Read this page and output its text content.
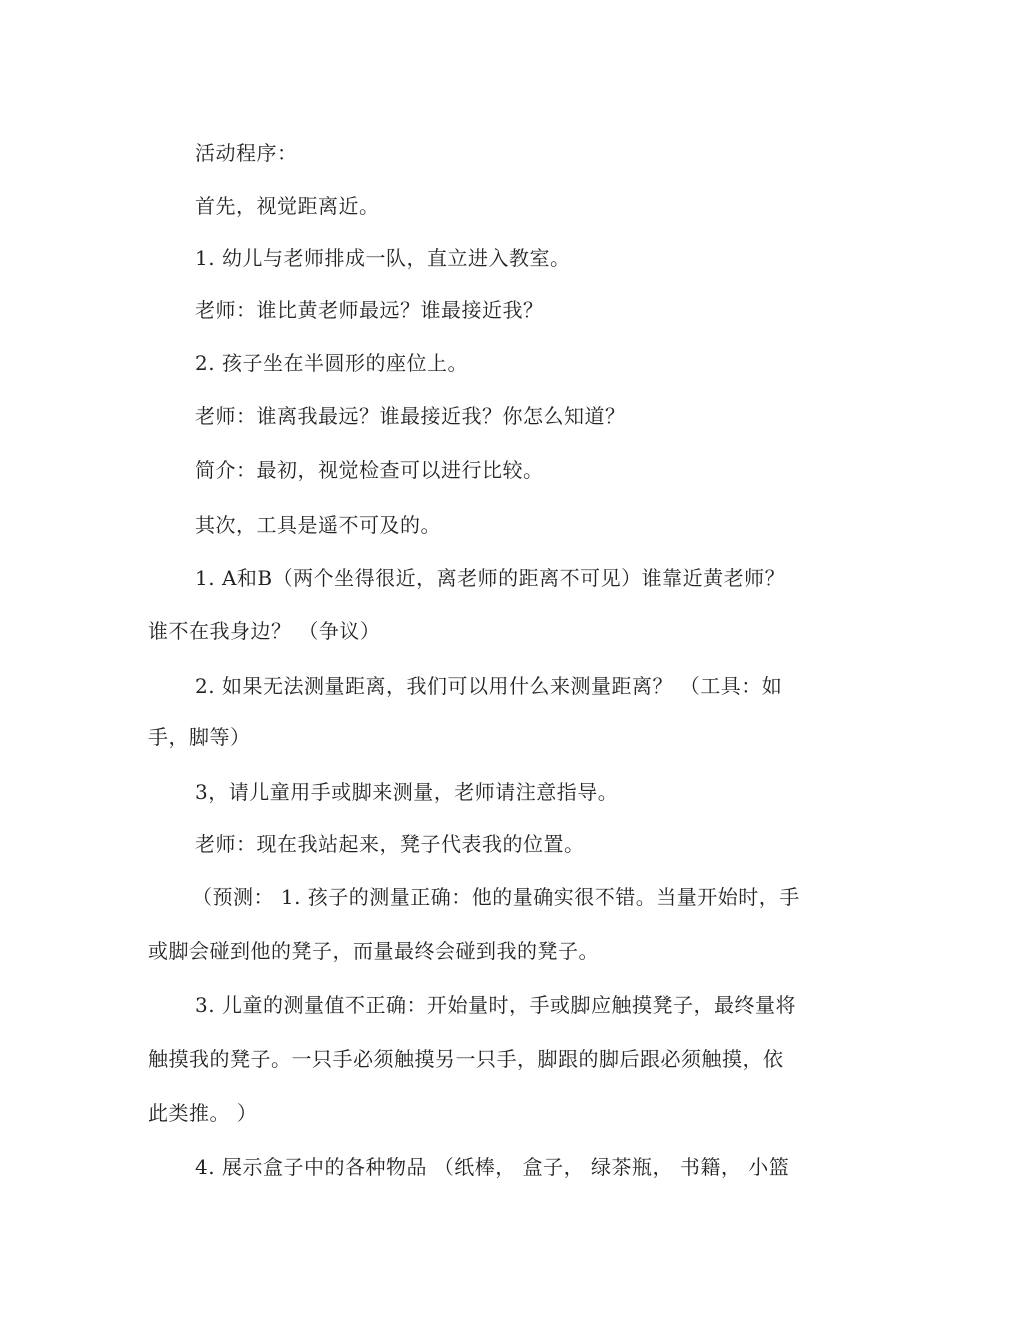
活动程序：
首先，视觉距离近。
1. 幼儿与老师排成一队，直立进入教室。
老师：谁比黄老师最远？谁最接近我？
2. 孩子坐在半圆形的座位上。
老师：谁离我最远？谁最接近我？你怎么知道？
简介：最初，视觉检查可以进行比较。
其次，工具是遥不可及的。
1. A和B（两个坐得很近，离老师的距离不可见）谁靠近黄老师？
谁不在我身边？ （争议）
2. 如果无法测量距离，我们可以用什么来测量距离？ （工具：如
手，脚等）
3，请儿童用手或脚来测量，老师请注意指导。
老师：现在我站起来，凳子代表我的位置。
（预测： 1. 孩子的测量正确：他的量确实很不错。当量开始时，手
或脚会碰到他的凳子，而量最终会碰到我的凳子。
3. 儿童的测量值不正确：开始量时，手或脚应触摸凳子，最终量将
触摸我的凳子。一只手必须触摸另一只手，脚跟的脚后跟必须触摸，依
此类推。 ）
4. 展示盒子中的各种物品 （纸棒， 盒子， 绿茶瓶， 书籍， 小篮
